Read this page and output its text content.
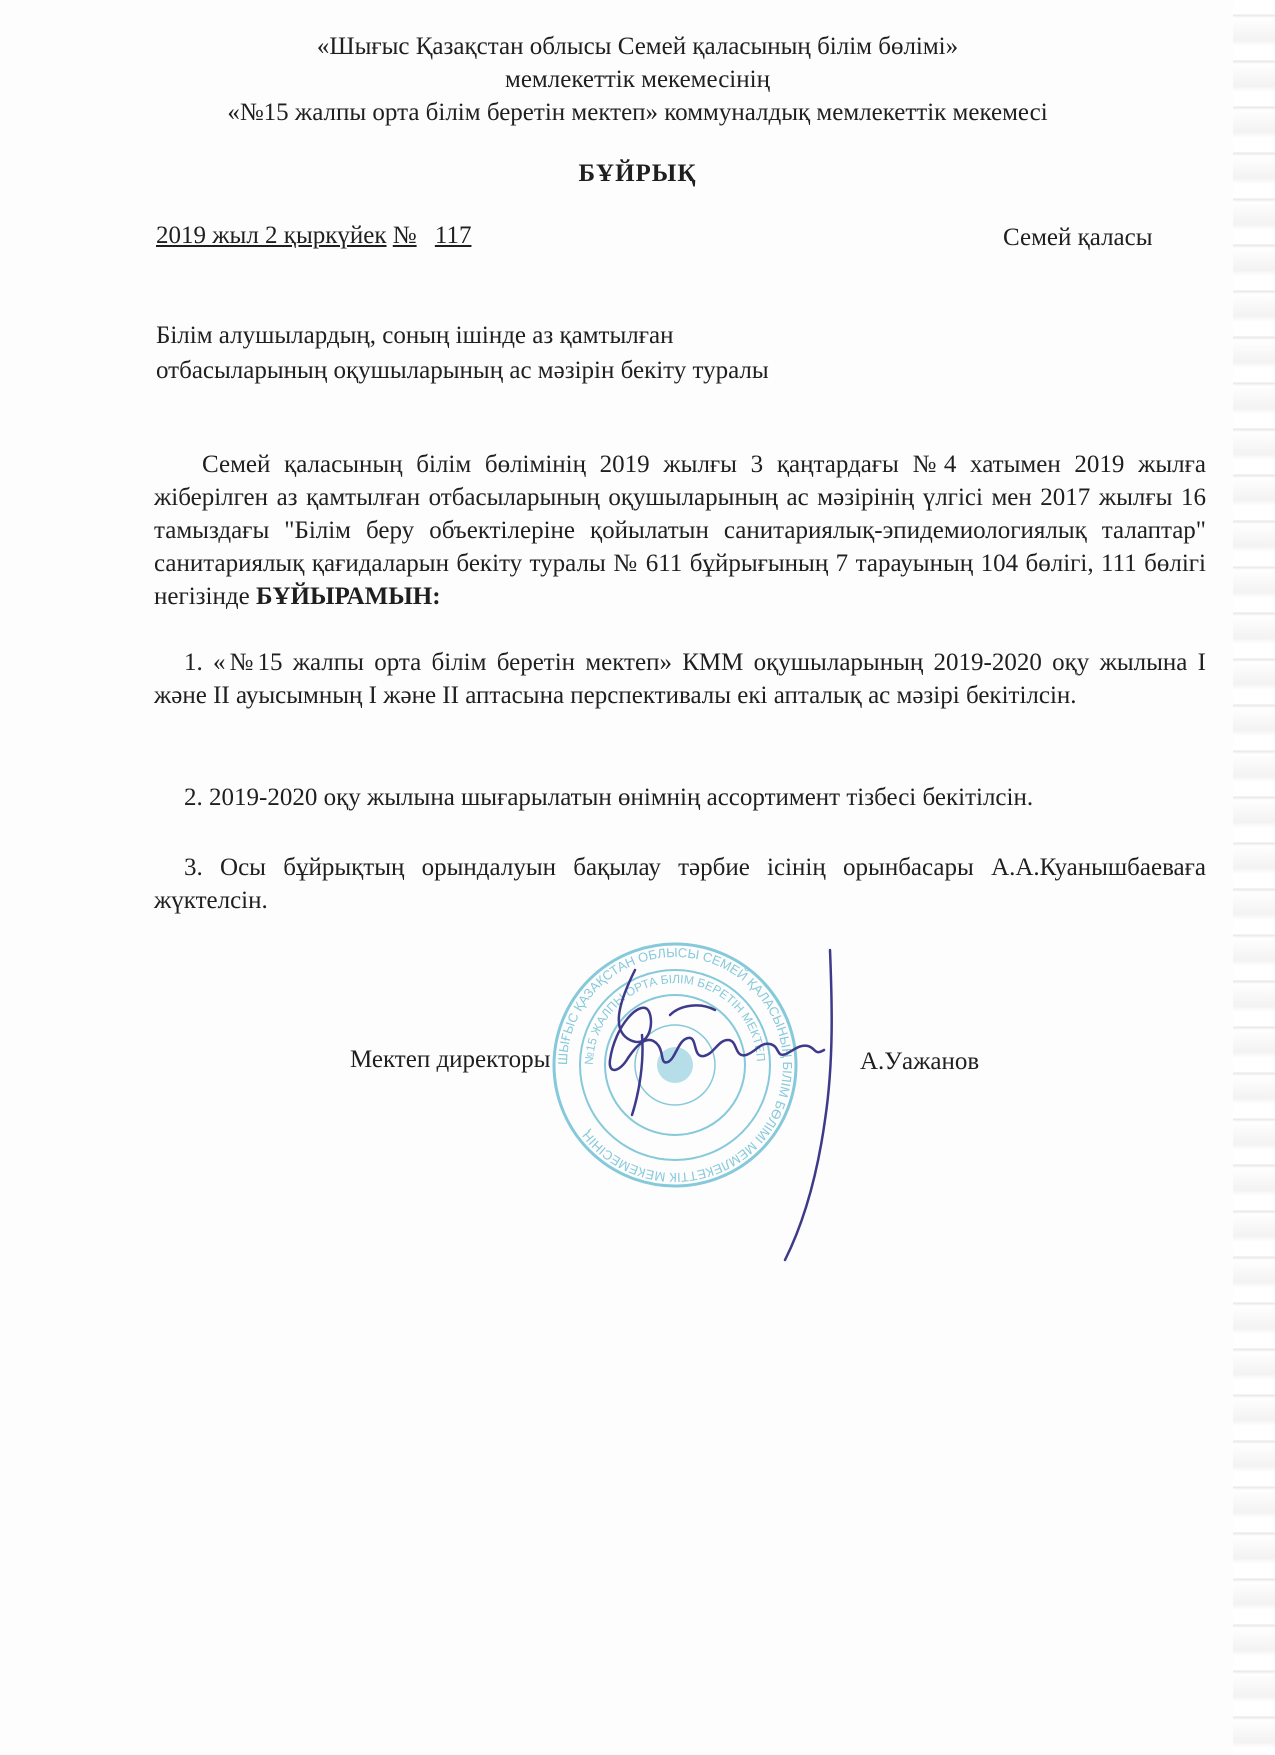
«Шығыс Қазақстан облысы Семей қаласының білім бөлімі»
мемлекеттік мекемесінің
«№15 жалпы орта білім беретін мектеп» коммуналдық мемлекеттік мекемесі
БҰЙРЫҚ
2019 жыл 2 қыркүйек № 117	Семей қаласы
Білім алушылардың, соның ішінде аз қамтылған
отбасыларының оқушыларының ас мәзірін бекіту туралы
Семей қаласының білім бөлімінің 2019 жылғы 3 қаңтардағы №4 хатымен 2019 жылға жіберілген аз қамтылған отбасыларының оқушыларының ас мәзірінің үлгісі мен 2017 жылғы 16 тамыздағы "Білім беру объектілеріне қойылатын санитариялық-эпидемиологиялық талаптар" санитариялық қағидаларын бекіту туралы № 611 бұйрығының 7 тарауының 104 бөлігі, 111 бөлігі негізінде БҰЙЫРАМЫН:
1. «№15 жалпы орта білім беретін мектеп» КММ оқушыларының 2019-2020 оқу жылына І және ІІ ауысымның І және ІІ аптасына перспективалы екі апталық ас мәзірі бекітілсін.
2. 2019-2020 оқу жылына шығарылатын өнімнің ассортимент тізбесі бекітілсін.
3. Осы бұйрықтың орындалуын бақылау тәрбие ісінің орынбасары А.А.Куанышбаеваға жүктелсін.
ШЫҒЫС ҚАЗАҚСТАН ОБЛЫСЫ СЕМЕЙ ҚАЛАСЫНЫҢ БІЛІМ БӨЛІМІ МЕМЛЕКЕТТІК МЕКЕМЕСІНІҢ
№15 ЖАЛПЫ ОРТА БІЛІМ БЕРЕТІН МЕКТЕП
Мектеп директоры	А.Уажанов
